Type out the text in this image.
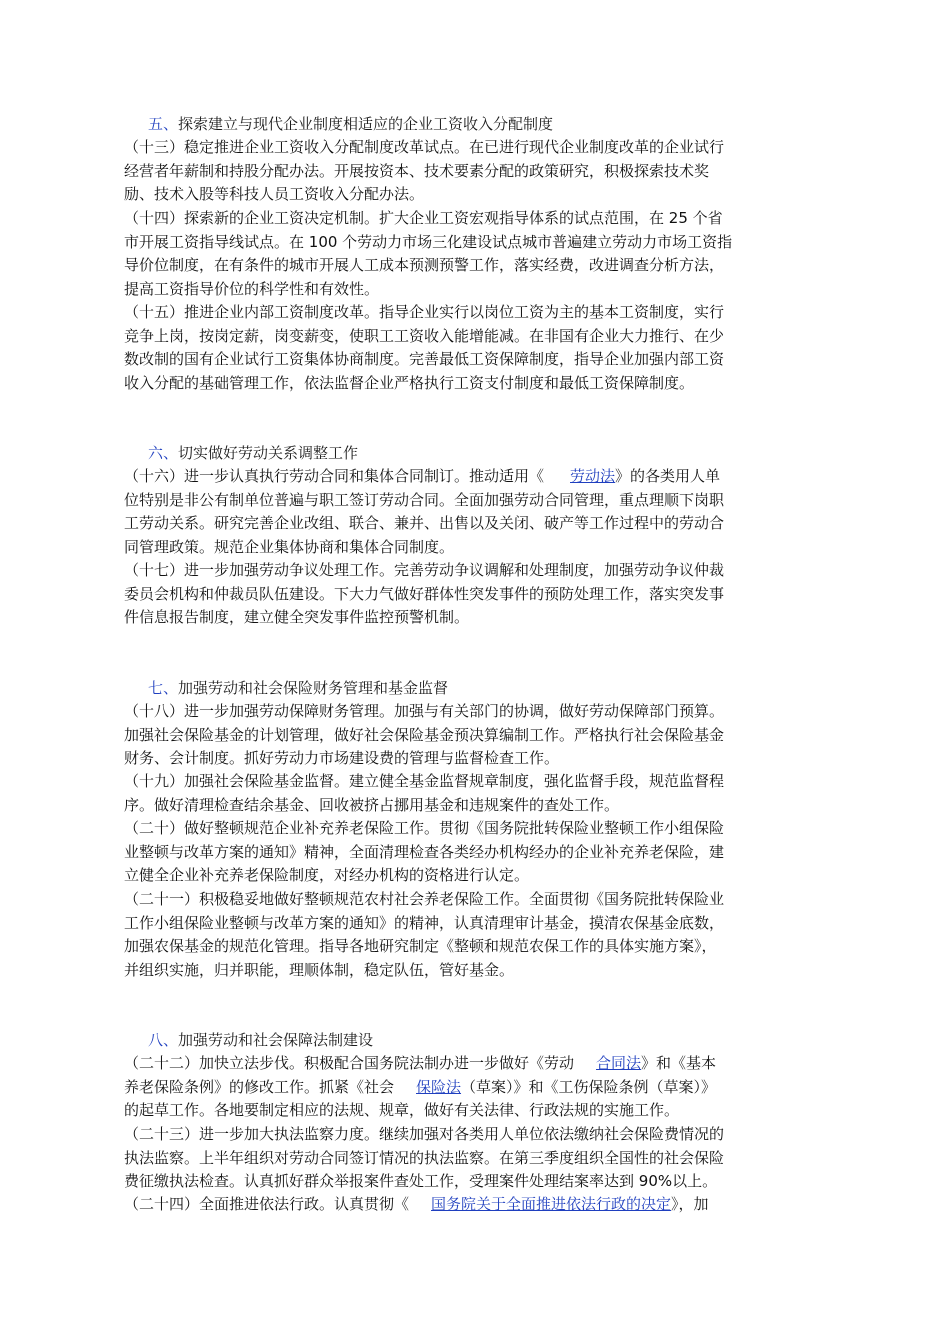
五、探索建立与现代企业制度相适应的企业工资收入分配制度
（十三）稳定推进企业工资收入分配制度改革试点。在已进行现代企业制度改革的企业试行
经营者年薪制和持股分配办法。开展按资本、技术要素分配的政策研究，积极探索技术奖
励、技术入股等科技人员工资收入分配办法。
（十四）探索新的企业工资决定机制。扩大企业工资宏观指导体系的试点范围，在 25 个省
市开展工资指导线试点。在 100 个劳动力市场三化建设试点城市普遍建立劳动力市场工资指
导价位制度，在有条件的城市开展人工成本预测预警工作，落实经费，改进调查分析方法，
提高工资指导价位的科学性和有效性。
（十五）推进企业内部工资制度改革。指导企业实行以岗位工资为主的基本工资制度，实行
竞争上岗，按岗定薪，岗变薪变，使职工工资收入能增能减。在非国有企业大力推行、在少
数改制的国有企业试行工资集体协商制度。完善最低工资保障制度，指导企业加强内部工资
收入分配的基础管理工作，依法监督企业严格执行工资支付制度和最低工资保障制度。
六、切实做好劳动关系调整工作
（十六）进一步认真执行劳动合同和集体合同制订。推动适用《 劳动法》的各类用人单
位特别是非公有制单位普遍与职工签订劳动合同。全面加强劳动合同管理，重点理顺下岗职
工劳动关系。研究完善企业改组、联合、兼并、出售以及关闭、破产等工作过程中的劳动合
同管理政策。规范企业集体协商和集体合同制度。
（十七）进一步加强劳动争议处理工作。完善劳动争议调解和处理制度，加强劳动争议仲裁
委员会机构和仲裁员队伍建设。下大力气做好群体性突发事件的预防处理工作，落实突发事
件信息报告制度，建立健全突发事件监控预警机制。
七、加强劳动和社会保险财务管理和基金监督
（十八）进一步加强劳动保障财务管理。加强与有关部门的协调，做好劳动保障部门预算。
加强社会保险基金的计划管理，做好社会保险基金预决算编制工作。严格执行社会保险基金
财务、会计制度。抓好劳动力市场建设费的管理与监督检查工作。
（十九）加强社会保险基金监督。建立健全基金监督规章制度，强化监督手段，规范监督程
序。做好清理检查结余基金、回收被挤占挪用基金和违规案件的查处工作。
（二十）做好整顿规范企业补充养老保险工作。贯彻《国务院批转保险业整顿工作小组保险
业整顿与改革方案的通知》精神，全面清理检查各类经办机构经办的企业补充养老保险，建
立健全企业补充养老保险制度，对经办机构的资格进行认定。
（二十一）积极稳妥地做好整顿规范农村社会养老保险工作。全面贯彻《国务院批转保险业
工作小组保险业整顿与改革方案的通知》的精神，认真清理审计基金，摸清农保基金底数，
加强农保基金的规范化管理。指导各地研究制定《整顿和规范农保工作的具体实施方案》，
并组织实施，归并职能，理顺体制，稳定队伍，管好基金。
八、加强劳动和社会保障法制建设
（二十二）加快立法步伐。积极配合国务院法制办进一步做好《劳动 合同法》和《基本
养老保险条例》的修改工作。抓紧《社会 保险法（草案）》和《工伤保险条例（草案）》
的起草工作。各地要制定相应的法规、规章，做好有关法律、行政法规的实施工作。
（二十三）进一步加大执法监察力度。继续加强对各类用人单位依法缴纳社会保险费情况的
执法监察。上半年组织对劳动合同签订情况的执法监察。在第三季度组织全国性的社会保险
费征缴执法检查。认真抓好群众举报案件查处工作，受理案件处理结案率达到 90%以上。
（二十四）全面推进依法行政。认真贯彻《 国务院关于全面推进依法行政的决定》，加
